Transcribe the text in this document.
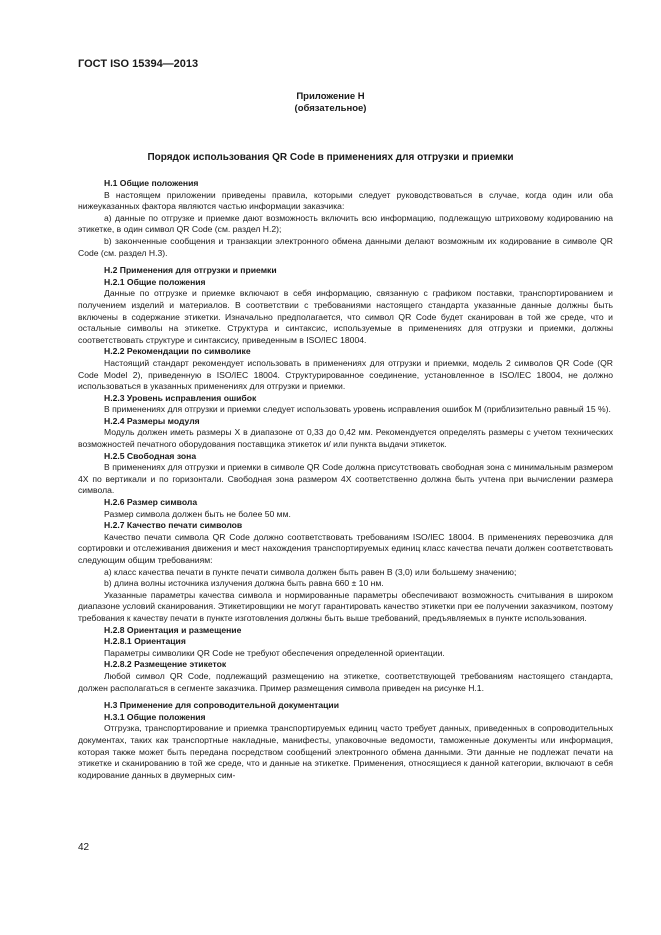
ГОСТ ISO 15394—2013
Приложение Н
(обязательное)
Порядок использования QR Code в применениях для отгрузки и приемки

Н.1 Общие положения

В настоящем приложении приведены правила, которыми следует руководствоваться в случае, когда один или оба нижеуказанных фактора являются частью информации заказчика:

a) данные по отгрузке и приемке дают возможность включить всю информацию, подлежащую штриховому кодированию на этикетке, в один символ QR Code (см. раздел Н.2);

b) законченные сообщения и транзакции электронного обмена данными делают возможным их кодирование в символе QR Code (см. раздел Н.3).

Н.2 Применения для отгрузки и приемки

Н.2.1 Общие положения

Данные по отгрузке и приемке включают в себя информацию, связанную с графиком поставки, транспортированием и получением изделий и материалов. В соответствии с требованиями настоящего стандарта указанные данные должны быть включены в содержание этикетки. Изначально предполагается, что символ QR Code будет сканирован в той же среде, что и остальные символы на этикетке. Структура и синтаксис, используемые в применениях для отгрузки и приемки, должны соответствовать структуре и синтаксису, приведенным в ISO/IEC 18004.

Н.2.2 Рекомендации по символике

Настоящий стандарт рекомендует использовать в применениях для отгрузки и приемки, модель 2 символов QR Code (QR Code Model 2), приведенную в ISO/IEC 18004. Структурированное соединение, установленное в ISO/IEC 18004, не должно использоваться в указанных применениях для отгрузки и приемки.

Н.2.3 Уровень исправления ошибок

В применениях для отгрузки и приемки следует использовать уровень исправления ошибок М (приблизительно равный 15 %).

Н.2.4 Размеры модуля

Модуль должен иметь размеры X в диапазоне от 0,33 до 0,42 мм. Рекомендуется определять размеры с учетом технических возможностей печатного оборудования поставщика этикеток и/ или пункта выдачи этикеток.

Н.2.5 Свободная зона

В применениях для отгрузки и приемки в символе QR Code должна присутствовать свободная зона с минимальным размером 4X по вертикали и по горизонтали. Свободная зона размером 4X соответственно должна быть учтена при вычислении размера символа.

Н.2.6 Размер символа

Размер символа должен быть не более 50 мм.

Н.2.7 Качество печати символов

Качество печати символа QR Code должно соответствовать требованиям ISO/IEC 18004. В применениях перевозчика для сортировки и отслеживания движения и мест нахождения транспортируемых единиц класс качества печати должен соответствовать следующим общим требованиям:

a) класс качества печати в пункте печати символа должен быть равен В (3,0) или большему значению;

b) длина волны источника излучения должна быть равна 660 ± 10 нм.

Указанные параметры качества символа и нормированные параметры обеспечивают возможность считывания в широком диапазоне условий сканирования. Этикетировщики не могут гарантировать качество этикетки при ее получении заказчиком, поэтому требования к качеству печати в пункте изготовления должны быть выше требований, предъявляемых в пункте использования.

Н.2.8 Ориентация и размещение

Н.2.8.1 Ориентация

Параметры символики QR Code не требуют обеспечения определенной ориентации.

Н.2.8.2 Размещение этикеток

Любой символ QR Code, подлежащий размещению на этикетке, соответствующей требованиям настоящего стандарта, должен располагаться в сегменте заказчика. Пример размещения символа приведен на рисунке Н.1.

Н.3 Применение для сопроводительной документации

Н.3.1 Общие положения

Отгрузка, транспортирование и приемка транспортируемых единиц часто требует данных, приведенных в сопроводительных документах, таких как транспортные накладные, манифесты, упаковочные ведомости, таможенные документы или информация, которая также может быть передана посредством сообщений электронного обмена данными. Эти данные не подлежат печати на этикетке и сканированию в той же среде, что и данные на этикетке. Применения, относящиеся к данной категории, включают в себя кодирование данных в двумерных сим-

42
